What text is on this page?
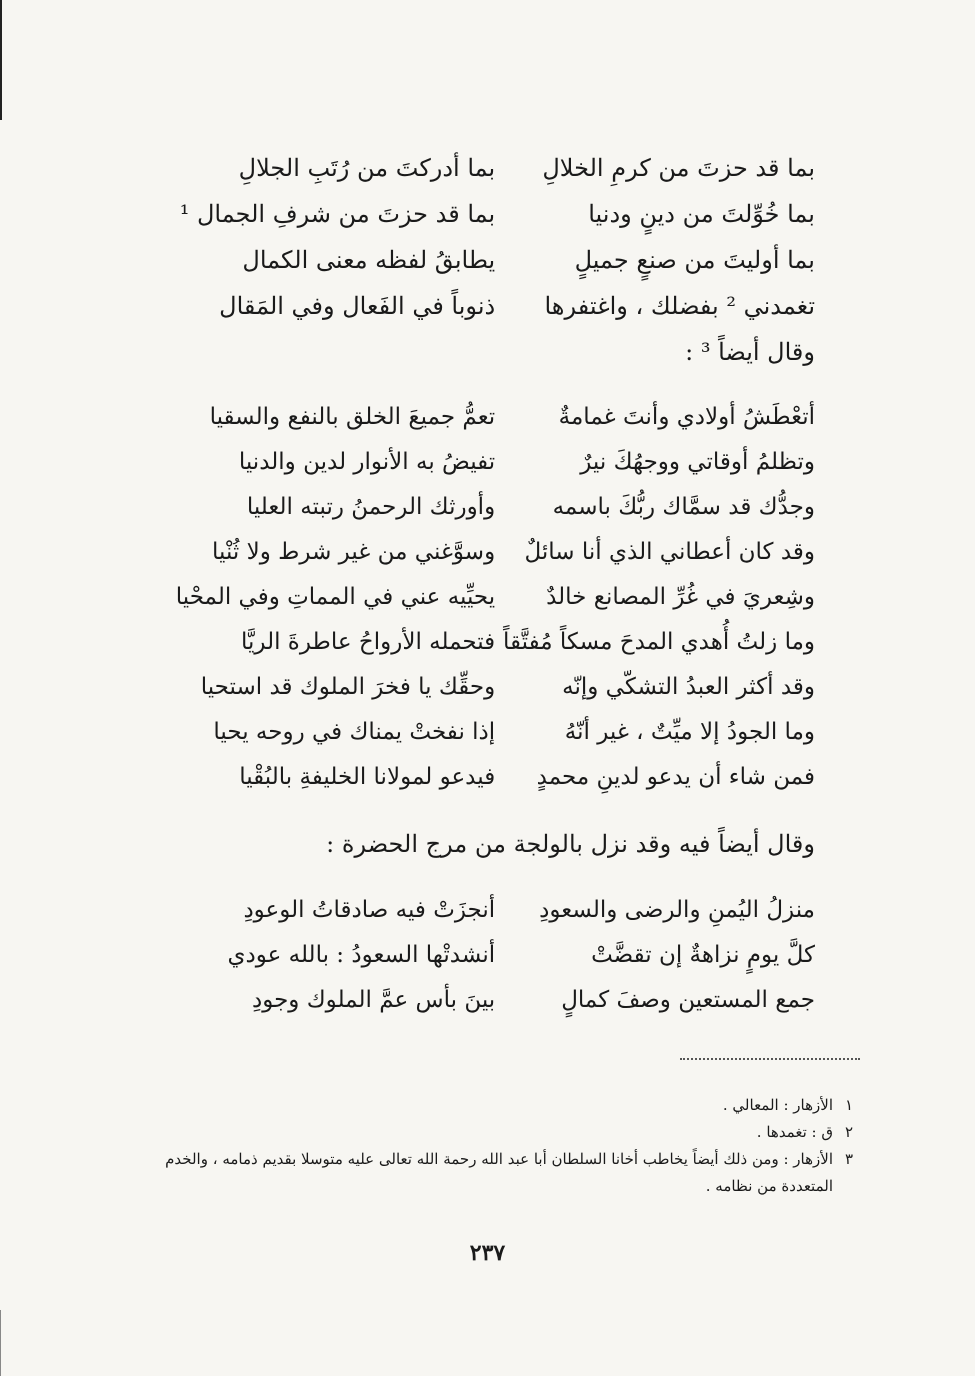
بما قد حزتَ من كرمِ الخلالِ
بما أدركتَ من رُتَبِ الجلالِ
بما خُوِّلتَ من دينٍ ودنيا
بما قد حزتَ من شرفِ الجمال ¹
بما أوليتَ من صنعٍ جميلٍ
يطابقُ لفظه معنى الكمال
تغمدني ² بفضلك ، واغتفرها
ذنوباً في الفَعال وفي المَقال
وقال أيضاً ³ :
أتعْطَشُ أولادي وأنتَ غمامةٌ
تعمُّ جميعَ الخلق بالنفع والسقيا
وتظلمُ أوقاتي ووجهُكَ نيرٌ
تفيضُ به الأنوار لدين والدنيا
وجدُّك قد سمَّاك ربُّكَ باسمه
وأورثك الرحمنُ رتبته العليا
وقد كان أعطاني الذي أنا سائلٌ
وسوَّغني من غير شرط ولا ثُنْيا
وشِعريَ في غُرِّ المصانع خالدٌ
يحيِّيه عني في المماتِ وفي المحْيا
وما زلتُ أُهدي المدحَ مسكاً مُفتَّقاً
فتحمله الأرواحُ عاطرةَ الريَّا
وقد أكثر العبدُ التشكّي وإنّه
وحقِّك يا فخرَ الملوك قد استحيا
وما الجودُ إلا ميِّتٌ ، غير أنّهُ
إذا نفختْ يمناك في روحه يحيا
فمن شاء أن يدعو لدينِ محمدٍ
فيدعو لمولانا الخليفةِ بالبُقْيا
وقال أيضاً فيه وقد نزل بالولجة من مرج الحضرة :
منزلُ اليُمنِ والرضى والسعودِ
أنجزَتْ فيه صادقاتُ الوعودِ
كلَّ يومٍ نزاهةٌ إن تقضَّتْ
أنشدتْها السعودُ : بالله عودي
جمع المستعين وصفَ كمالٍ
بينَ بأس عمَّ الملوك وجودِ
١
الأزهار : المعالي .
٢
ق : تغمدها .
٣
الأزهار : ومن ذلك أيضاً يخاطب أخانا السلطان أبا عبد الله رحمة الله تعالى عليه متوسلا بقديم ذمامه ، والخدم المتعددة من نظامه .
٢٣٧
